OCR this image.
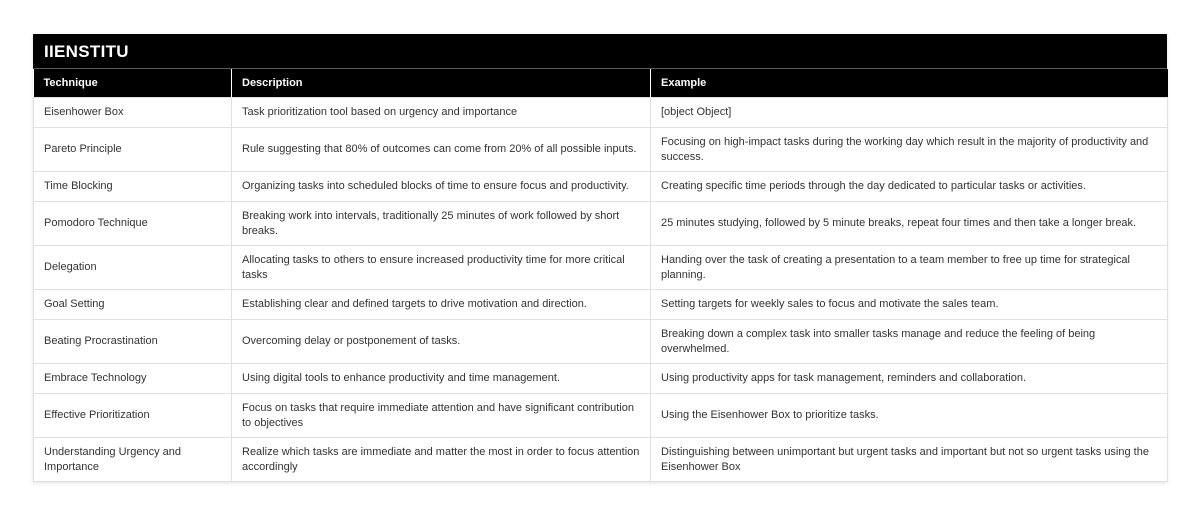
IIENSTITU
Technique	Description	Example
Eisenhower Box	Task prioritization tool based on urgency and importance	[object Object]
Pareto Principle	Rule suggesting that 80% of outcomes can come from 20% of all possible inputs.	Focusing on high-impact tasks during the working day which result in the majority of productivity and success.
Time Blocking	Organizing tasks into scheduled blocks of time to ensure focus and productivity.	Creating specific time periods through the day dedicated to particular tasks or activities.
Pomodoro Technique	Breaking work into intervals, traditionally 25 minutes of work followed by short breaks.	25 minutes studying, followed by 5 minute breaks, repeat four times and then take a longer break.
Delegation	Allocating tasks to others to ensure increased productivity time for more critical tasks	Handing over the task of creating a presentation to a team member to free up time for strategical planning.
Goal Setting	Establishing clear and defined targets to drive motivation and direction.	Setting targets for weekly sales to focus and motivate the sales team.
Beating Procrastination	Overcoming delay or postponement of tasks.	Breaking down a complex task into smaller tasks manage and reduce the feeling of being overwhelmed.
Embrace Technology	Using digital tools to enhance productivity and time management.	Using productivity apps for task management, reminders and collaboration.
Effective Prioritization	Focus on tasks that require immediate attention and have significant contribution to objectives	Using the Eisenhower Box to prioritize tasks.
Understanding Urgency and Importance	Realize which tasks are immediate and matter the most in order to focus attention accordingly	Distinguishing between unimportant but urgent tasks and important but not so urgent tasks using the Eisenhower Box
